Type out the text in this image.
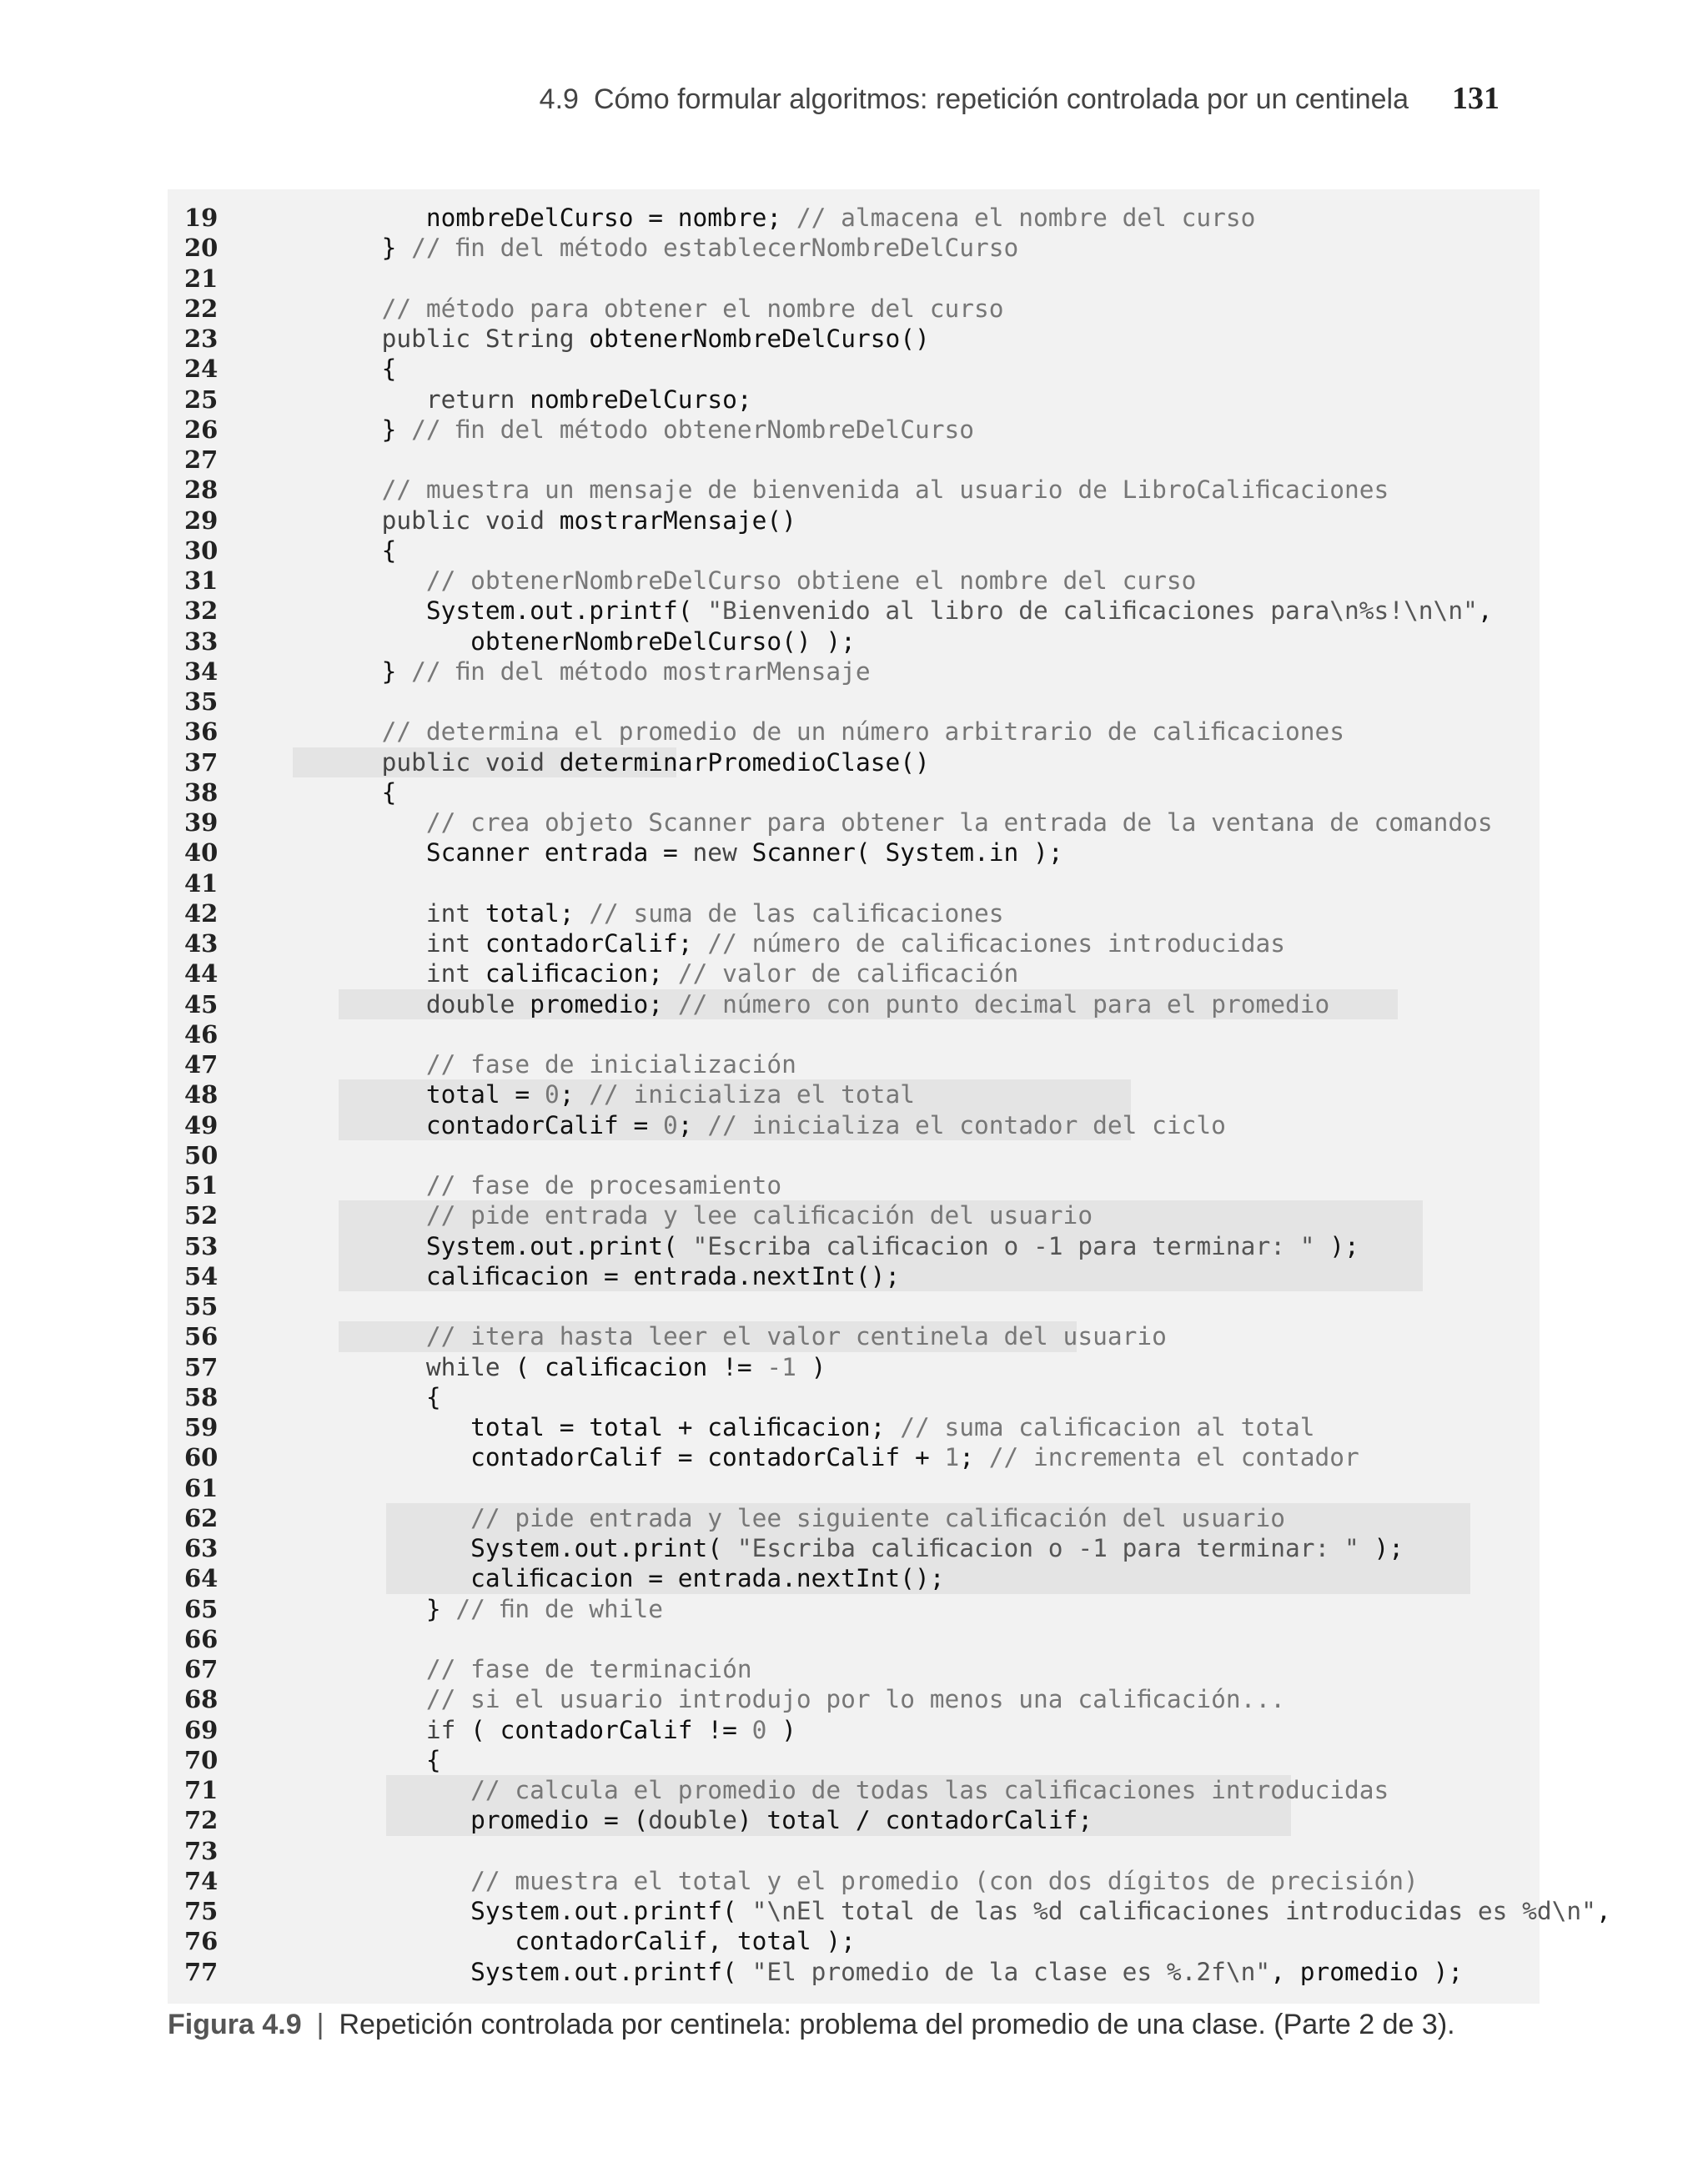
4.9 Cómo formular algoritmos: repetición controlada por un centinela 131
19	nombreDelCurso = nombre; // almacena el nombre del curso
20	} // ﬁn del método establecerNombreDelCurso
21
22	// método para obtener el nombre del curso
23	public String obtenerNombreDelCurso()
24	{
25	return nombreDelCurso;
26	} // ﬁn del método obtenerNombreDelCurso
27
28	// muestra un mensaje de bienvenida al usuario de LibroCaliﬁcaciones
29	public void mostrarMensaje()
30	{
31	// obtenerNombreDelCurso obtiene el nombre del curso
32	System.out.printf( "Bienvenido al libro de caliﬁcaciones para\n%s!\n\n",
33	obtenerNombreDelCurso() );
34	} // ﬁn del método mostrarMensaje
35
36	// determina el promedio de un número arbitrario de caliﬁcaciones
37	public void determinarPromedioClase()
38	{
39	// crea objeto Scanner para obtener la entrada de la ventana de comandos
40	Scanner entrada = new Scanner( System.in );
41
42	int total; // suma de las caliﬁcaciones
43	int contadorCalif; // número de caliﬁcaciones introducidas
44	int caliﬁcacion; // valor de caliﬁcación
45	double promedio; // número con punto decimal para el promedio
46
47	// fase de inicialización
48	total = 0; // inicializa el total
49	contadorCalif = 0; // inicializa el contador del ciclo
50
51	// fase de procesamiento
52	// pide entrada y lee caliﬁcación del usuario
53	System.out.print( "Escriba caliﬁcacion o -1 para terminar: " );
54	caliﬁcacion = entrada.nextInt();
55
56	// itera hasta leer el valor centinela del usuario
57	while ( caliﬁcacion != -1 )
58	{
59	total = total + caliﬁcacion; // suma caliﬁcacion al total
60	contadorCalif = contadorCalif + 1; // incrementa el contador
61
62	// pide entrada y lee siguiente caliﬁcación del usuario
63	System.out.print( "Escriba caliﬁcacion o -1 para terminar: " );
64	caliﬁcacion = entrada.nextInt();
65	} // ﬁn de while
66
67	// fase de terminación
68	// si el usuario introdujo por lo menos una caliﬁcación...
69	if ( contadorCalif != 0 )
70	{
71	// calcula el promedio de todas las caliﬁcaciones introducidas
72	promedio = (double) total / contadorCalif;
73
74	// muestra el total y el promedio (con dos dígitos de precisión)
75	System.out.printf( "\nEl total de las %d caliﬁcaciones introducidas es %d\n",
76	contadorCalif, total );
77	System.out.printf( "El promedio de la clase es %.2f\n", promedio );
Figura 4.9 | Repetición controlada por centinela: problema del promedio de una clase. (Parte 2 de 3).
